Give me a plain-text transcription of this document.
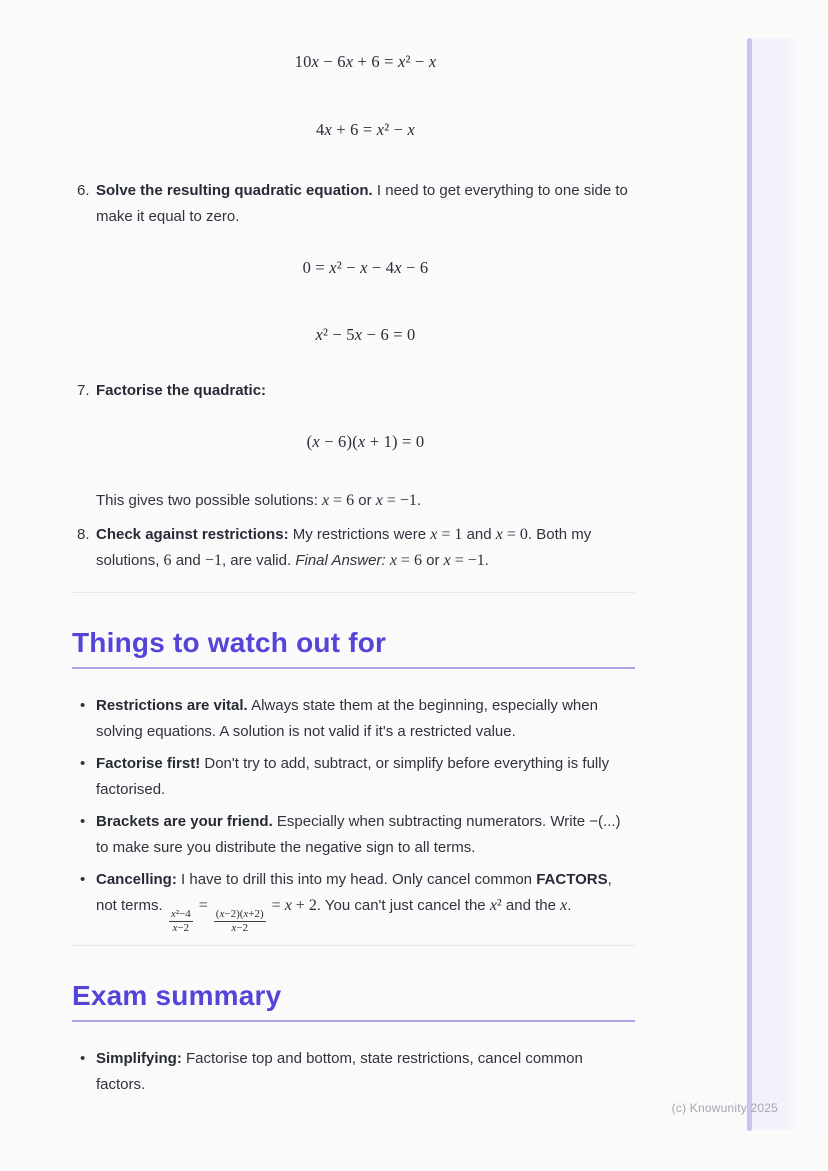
10x − 6x + 6 = x² − x
4x + 6 = x² − x
6. Solve the resulting quadratic equation. I need to get everything to one side to make it equal to zero.
0 = x² − x − 4x − 6
x² − 5x − 6 = 0
7. Factorise the quadratic:
(x − 6)(x + 1) = 0
This gives two possible solutions: x = 6 or x = −1.
8. Check against restrictions: My restrictions were x = 1 and x = 0. Both my solutions, 6 and −1, are valid. Final Answer: x = 6 or x = −1.
Things to watch out for
• Restrictions are vital. Always state them at the beginning, especially when solving equations. A solution is not valid if it's a restricted value.
• Factorise first! Don't try to add, subtract, or simplify before everything is fully factorised.
• Brackets are your friend. Especially when subtracting numerators. Write −(...) to make sure you distribute the negative sign to all terms.
• Cancelling: I have to drill this into my head. Only cancel common FACTORS, not terms.
$\frac{\text{x²−4}}{x-2}$
=
$\frac{(x-2)(x+2)}{x-2}$
= x + 2. You can't just cancel the x² and the x.
Exam summary
• Simplifying: Factorise top and bottom, state restrictions, cancel common factors.
(c) Knowunity 2025
